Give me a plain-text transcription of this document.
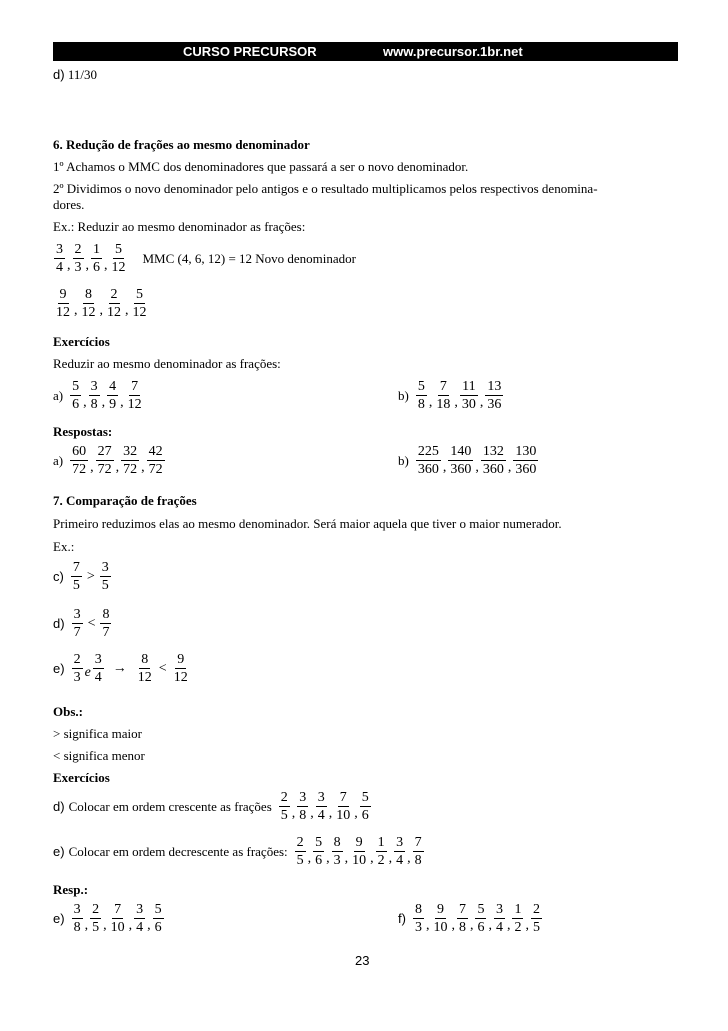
CURSO PRECURSOR	www.precursor.1br.net
d) 11/30
6. Redução de frações ao mesmo denominador
1º Achamos o MMC dos denominadores que passará a ser o novo denominador.
2º Dividimos o novo denominador pelo antigos e o resultado multiplicamos pelos respectivos denomina-
dores.
Ex.: Reduzir ao mesmo denominador as frações:
$\frac{3}{4}$ , $\frac{2}{3}$ , $\frac{1}{6}$ , $\frac{5}{12}$ MMC (4, 6, 12) = 12 Novo denominador
$\frac{9}{12}$ , $\frac{8}{12}$ , $\frac{2}{12}$ , $\frac{5}{12}$
Exercícios
Reduzir ao mesmo denominador as frações:
$a) \frac{5}{6}$ , $\frac{3}{8}$ , $\frac{4}{9}$ , $\frac{7}{12}$	$b) \frac{5}{8}$ , $\frac{7}{18}$ , $\frac{11}{30}$ , $\frac{13}{36}$
Respostas:
$a) \frac{60}{72}$ , $\frac{27}{72}$ , $\frac{32}{72}$ , $\frac{42}{72}$	$b) \frac{225}{360}$ , $\frac{140}{360}$ , $\frac{132}{360}$ , $\frac{130}{360}$
7. Comparação de frações
Primeiro reduzimos elas ao mesmo denominador. Será maior aquela que tiver o maior numerador.
Ex.:
$c) \frac{7}{5} > \frac{3}{5}$
$d) \frac{3}{7} < \frac{8}{7}$
$e) \frac{2}{3}$ e $\frac{3}{4} \to \frac{8}{12} < \frac{9}{12}$
Obs.:
> significa maior
< significa menor
Exercícios
d) Colocar em ordem crescente as frações $\frac{2}{5}$ , $\frac{3}{8}$ , $\frac{3}{4}$ , $\frac{7}{10}$ , $\frac{5}{6}$
e) Colocar em ordem decrescente as frações: $\frac{2}{5}$ , $\frac{5}{6}$ , $\frac{8}{3}$ , $\frac{9}{10}$ , $\frac{1}{2}$ , $\frac{3}{4}$ , $\frac{7}{8}$
Resp.:
$e) \frac{3}{8}$ , $\frac{2}{5}$ , $\frac{7}{10}$ , $\frac{3}{4}$ , $\frac{5}{6}$	$f) \frac{8}{3}$ , $\frac{9}{10}$ , $\frac{7}{8}$ , $\frac{5}{6}$ , $\frac{3}{4}$ , $\frac{1}{2}$ , $\frac{2}{5}$
23
